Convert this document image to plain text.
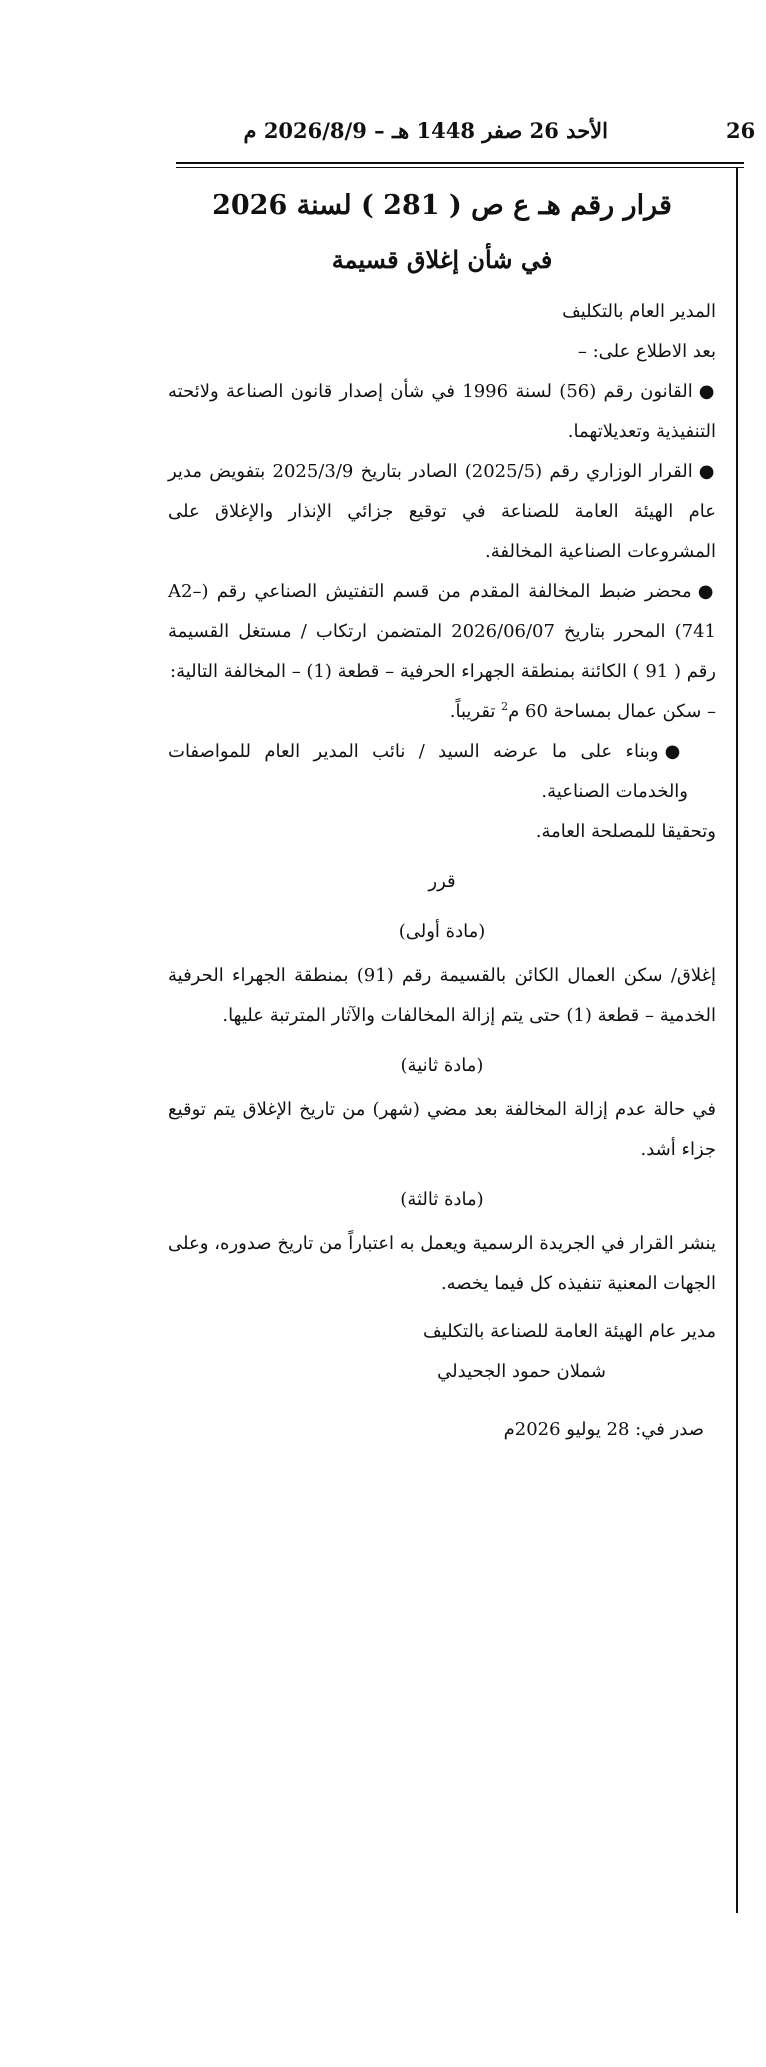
الأحد 26 صفر 1448 هـ – 2026/8/9 م	26

قرار رقم هـ ع ص ( 281 ) لسنة 2026

في شأن إغلاق قسيمة

المدير العام بالتكليف

بعد الاطلاع على: –

●القانون رقم (56) لسنة 1996 في شأن إصدار قانون الصناعة ولائحته التنفيذية وتعديلاتهما.

●القرار الوزاري رقم (2025/5) الصادر بتاريخ 2025/3/9 بتفويض مدير عام الهيئة العامة للصناعة في توقيع جزائي الإنذار والإغلاق على المشروعات الصناعية المخالفة.

●محضر ضبط المخالفة المقدم من قسم التفتيش الصناعي رقم (A2–741) المحرر بتاريخ 2026/06/07 المتضمن ارتكاب / مستغل القسيمة رقم ( 91 ) الكائنة بمنطقة الجهراء الحرفية – قطعة (1) – المخالفة التالية:

– سكن عمال بمساحة 60 م$^2$ تقريباً.

●وبناء على ما عرضه السيد / نائب المدير العام للمواصفات والخدمات الصناعية.

وتحقيقا للمصلحة العامة.

قرر

(مادة أولى)

إغلاق/ سكن العمال الكائن بالقسيمة رقم (91) بمنطقة الجهراء الحرفية الخدمية – قطعة (1) حتى يتم إزالة المخالفات والآثار المترتبة عليها.

(مادة ثانية)

في حالة عدم إزالة المخالفة بعد مضي (شهر) من تاريخ الإغلاق يتم توقيع جزاء أشد.

(مادة ثالثة)

ينشر القرار في الجريدة الرسمية ويعمل به اعتباراً من تاريخ صدوره، وعلى الجهات المعنية تنفيذه كل فيما يخصه.

مدير عام الهيئة العامة للصناعة بالتكليف

شملان حمود الجحيدلي

صدر في: 28 يوليو 2026م
